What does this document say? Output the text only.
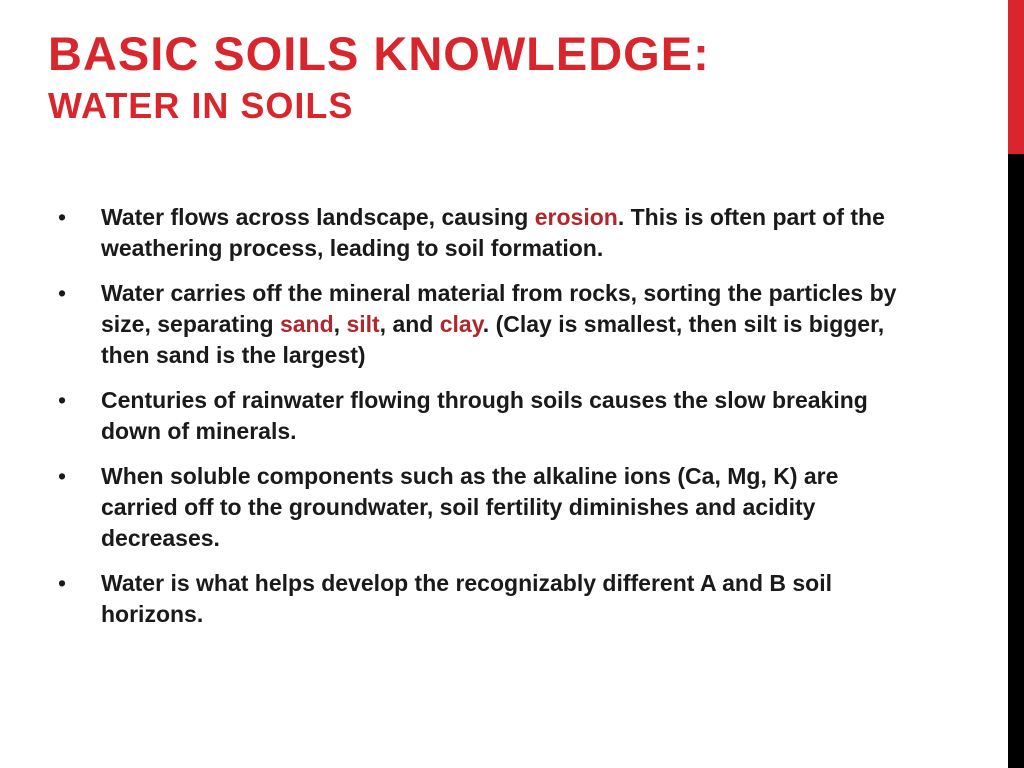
BASIC SOILS KNOWLEDGE:
WATER IN SOILS
• Water flows across landscape, causing erosion. This is often part of the weathering process, leading to soil formation.
• Water carries off the mineral material from rocks, sorting the particles by size, separating sand, silt, and clay. (Clay is smallest, then silt is bigger, then sand is the largest)
• Centuries of rainwater flowing through soils causes the slow breaking down of minerals.
• When soluble components such as the alkaline ions (Ca, Mg, K) are carried off to the groundwater, soil fertility diminishes and acidity decreases.
• Water is what helps develop the recognizably different A and B soil horizons.
